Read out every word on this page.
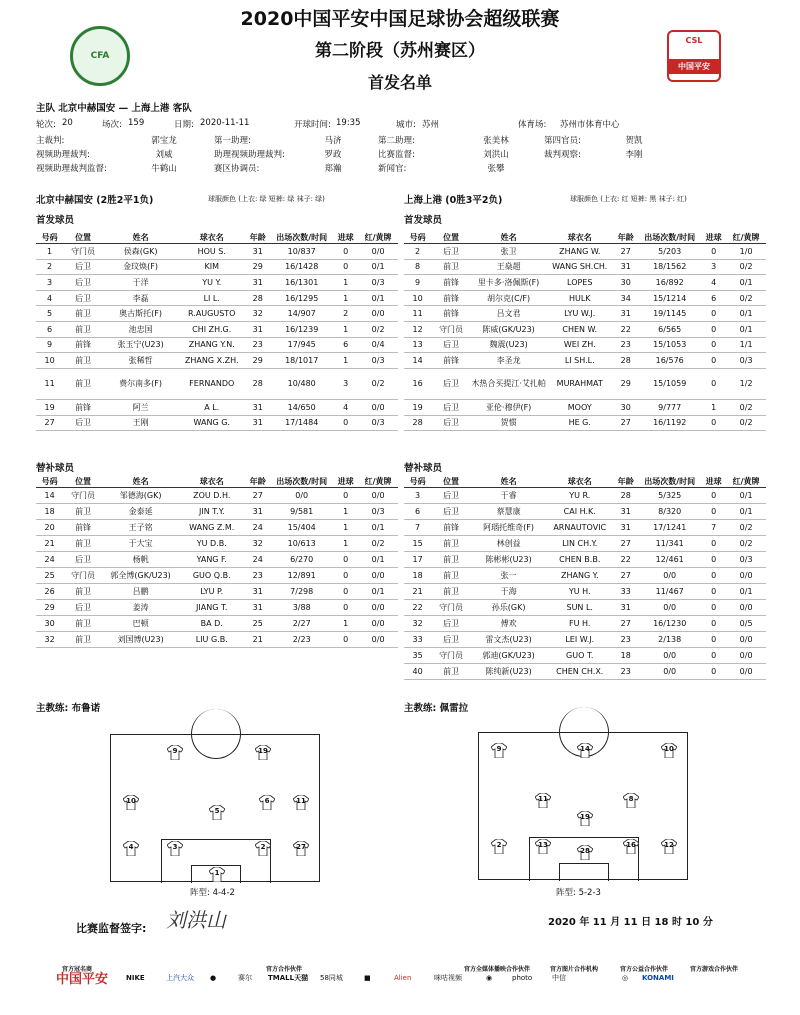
CFA
CSL
中国平安
2020中国平安中国足球协会超级联赛
第二阶段（苏州赛区）
首发名单
主队 北京中赫国安 — 上海上港 客队
轮次: 20	场次: 159	日期: 2020-11-11	开球时间: 19:35	城市: 苏州	体育场:	苏州市体育中心
主裁判:	郭宝龙	第一助理:	马济	第二助理:	张美林	第四官员:	贺凯
视频助理裁判:	刘威	助理视频助理裁判:	罗政	比赛监督:	刘洪山	裁判观察:	李刚
视频助理裁判监督:	牛鹤山	赛区协调员:	郑瀚	新闻官:	张攀
北京中赫国安 (2胜2平1负)	球服颜色 (上衣: 绿 短裤: 绿 袜子: 绿)
首发球员
上海上港 (0胜3平2负)	球服颜色 (上衣: 红 短裤: 黑 袜子: 红)
首发球员
号码	位置	姓名	球衣名	年龄	出场次数/时间	进球	红/黄牌
1	守门员	侯森(GK)	HOU S.	31	10/837	0	0/0
2	后卫	金玟焕(F)	KIM	29	16/1428	0	0/1
3	后卫	于洋	YU Y.	31	16/1301	1	0/3
4	后卫	李磊	LI L.	28	16/1295	1	0/1
5	前卫	奥古斯托(F)	R.AUGUSTO	32	14/907	2	0/0
6	前卫	池忠国	CHI ZH.G.	31	16/1239	1	0/2
9	前锋	张玉宁(U23)	ZHANG Y.N.	23	17/945	6	0/4
10	前卫	张稀哲	ZHANG X.ZH.	29	18/1017	1	0/3
11	前卫	费尔南多(F)	FERNANDO	28	10/480	3	0/2
19	前锋	阿兰	A L.	31	14/650	4	0/0
27	后卫	王刚	WANG G.	31	17/1484	0	0/3
号码	位置	姓名	球衣名	年龄	出场次数/时间	进球	红/黄牌
2	后卫	张卫	ZHANG W.	27	5/203	0	1/0
8	前卫	王燊超	WANG SH.CH.	31	18/1562	3	0/2
9	前锋	里卡多·洛佩斯(F)	LOPES	30	16/892	4	0/1
10	前锋	胡尔克(C/F)	HULK	34	15/1214	6	0/2
11	前锋	吕文君	LYU W.J.	31	19/1145	0	0/1
12	守门员	陈威(GK/U23)	CHEN W.	22	6/565	0	0/1
13	后卫	魏震(U23)	WEI ZH.	23	15/1053	0	1/1
14	前锋	李圣龙	LI SH.L.	28	16/576	0	0/3
16	后卫	木热合买提江·艾扎帕	MURAHMAT	29	15/1059	0	1/2
19	后卫	亚伦·穆伊(F)	MOOY	30	9/777	1	0/2
28	后卫	贺惯	HE G.	27	16/1192	0	0/2
替补球员	替补球员
号码	位置	姓名	球衣名	年龄	出场次数/时间	进球	红/黄牌
14	守门员	邹德海(GK)	ZOU D.H.	27	0/0	0	0/0
18	前卫	金泰延	JIN T.Y.	31	9/581	1	0/3
20	前锋	王子铭	WANG Z.M.	24	15/404	1	0/1
21	前卫	于大宝	YU D.B.	32	10/613	1	0/2
24	后卫	杨帆	YANG F.	24	6/270	0	0/1
25	守门员	郭全博(GK/U23)	GUO Q.B.	23	12/891	0	0/0
26	前卫	吕鹏	LYU P.	31	7/298	0	0/1
29	后卫	姜涛	JIANG T.	31	3/88	0	0/0
30	前卫	巴顿	BA D.	25	2/27	1	0/0
32	前卫	刘国博(U23)	LIU G.B.	21	2/23	0	0/0
号码	位置	姓名	球衣名	年龄	出场次数/时间	进球	红/黄牌
3	后卫	于睿	YU R.	28	5/325	0	0/1
6	后卫	蔡慧康	CAI H.K.	31	8/320	0	0/1
7	前锋	阿瑙托维奇(F)	ARNAUTOVIC	31	17/1241	7	0/2
15	前卫	林创益	LIN CH.Y.	27	11/341	0	0/2
17	前卫	陈彬彬(U23)	CHEN B.B.	22	12/461	0	0/3
18	前卫	张一	ZHANG Y.	27	0/0	0	0/0
21	前卫	于海	YU H.	33	11/467	0	0/1
22	守门员	孙乐(GK)	SUN L.	31	0/0	0	0/0
32	后卫	傅欢	FU H.	27	16/1230	0	0/5
33	后卫	雷文杰(U23)	LEI W.J.	23	2/138	0	0/0
35	守门员	郭迪(GK/U23)	GUO T.	18	0/0	0	0/0
40	前卫	陈纯新(U23)	CHEN CH.X.	23	0/0	0	0/0
主教练: 布鲁诺	主教练: 佩雷拉
9	19
10	6
5
11
4	3	2	27
1
阵型: 4-4-2
9	14	10
11
19
8
2	13
28
16	12
阵型: 5-2-3
比赛监督签字: 刘洪山	2020 年 11 月 11 日 18 时 10 分
官方冠名商	官方合作伙伴	官方全媒体播映合作伙伴	官方图片合作机构	官方公益合作伙伴	官方游戏合作伙伴
中国平安	NIKE	上汽大众	●	赛尔	TMALL天猫	58同城	■	Alien	咪咕视频	◉	photo	中信	◎	KONAMI
